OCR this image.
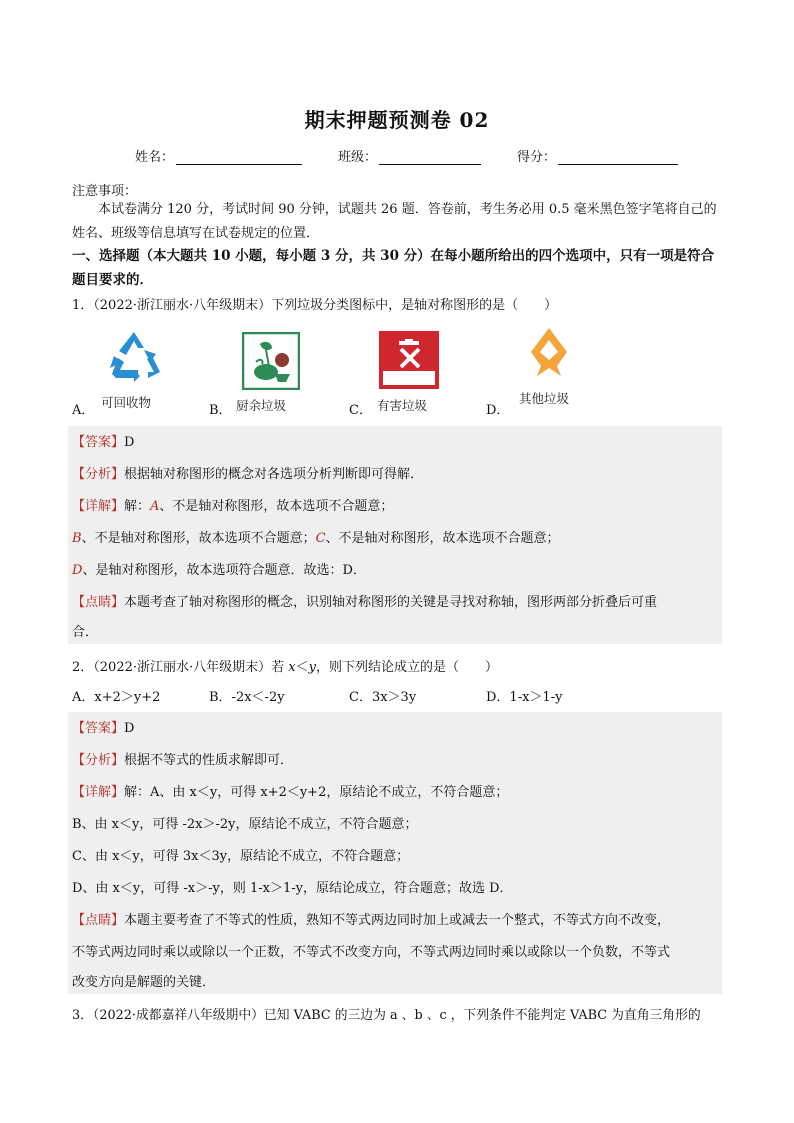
期末押题预测卷 02
姓名：	班级：	得分：
注意事项：
本试卷满分 120 分，考试时间 90 分钟，试题共 26 题．答卷前，考生务必用 0.5 毫米黑色签字笔将自己的姓名、班级等信息填写在试卷规定的位置．
一、选择题（本大题共 10 小题，每小题 3 分，共 30 分）在每小题所给出的四个选项中，只有一项是符合
题目要求的．
1．（2022·浙江丽水·八年级期末）下列垃圾分类图标中，是轴对称图形的是（　　）
A．
可回收物
B． 厨余垃圾	C． 有害垃圾	D．
其他垃圾
【答案】D
【分析】根据轴对称图形的概念对各选项分析判断即可得解．
【详解】解：A、不是轴对称图形，故本选项不合题意；
B、不是轴对称图形，故本选项不合题意；C、不是轴对称图形，故本选项不合题意；
D、是轴对称图形，故本选项符合题意．故选：D．
【点睛】本题考查了轴对称图形的概念，识别轴对称图形的关键是寻找对称轴，图形两部分折叠后可重
合．
2．（2022·浙江丽水·八年级期末）若 x＜y，则下列结论成立的是（　　）
A．x+2＞y+2	B．-2x＜-2y	C．3x＞3y	D．1-x＞1-y
【答案】D
【分析】根据不等式的性质求解即可．
【详解】解：A、由 x＜y，可得 x+2＜y+2，原结论不成立，不符合题意；
B、由 x＜y，可得 -2x＞-2y，原结论不成立，不符合题意；
C、由 x＜y，可得 3x＜3y，原结论不成立，不符合题意；
D、由 x＜y，可得 -x＞-y，则 1-x＞1-y，原结论成立，符合题意；故选 D．
【点睛】本题主要考查了不等式的性质，熟知不等式两边同时加上或减去一个整式，不等式方向不改变，
不等式两边同时乘以或除以一个正数，不等式不改变方向，不等式两边同时乘以或除以一个负数，不等式
改变方向是解题的关键．
3．（2022·成都嘉祥八年级期中）已知 VABC 的三边为 a 、b 、c ，下列条件不能判定 VABC 为直角三角形的
